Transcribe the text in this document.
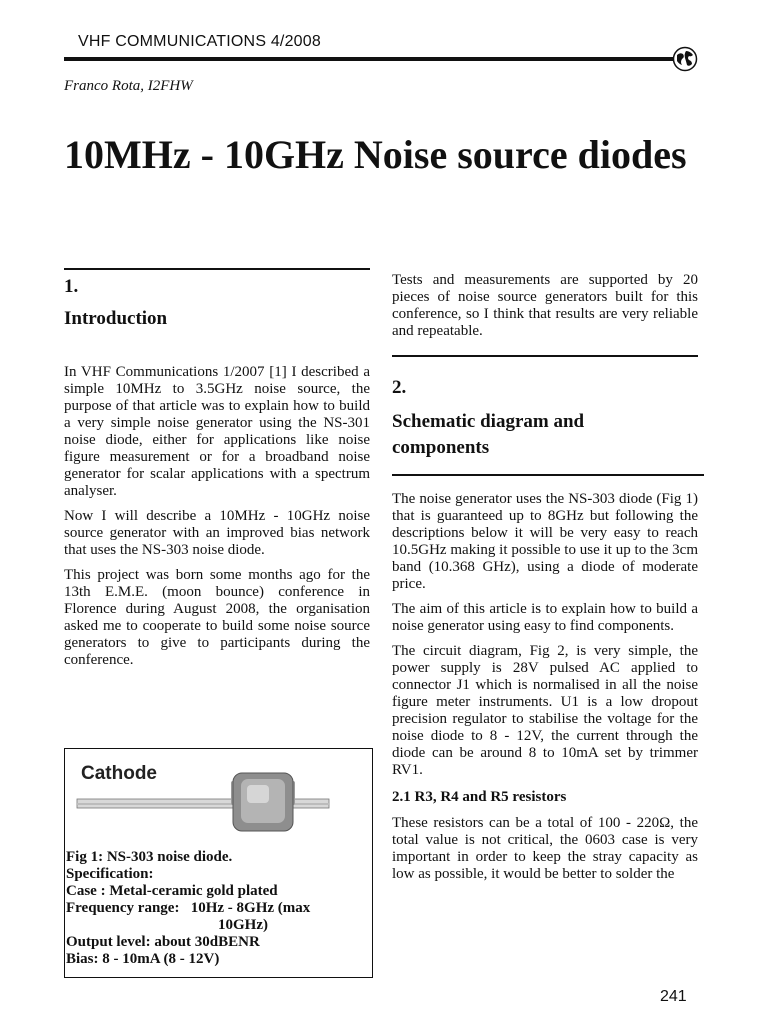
VHF COMMUNICATIONS 4/2008
Franco Rota, I2FHW
10MHz - 10GHz Noise source diodes
1.
Introduction

In VHF Communications 1/2007 [1] I described a simple 10MHz to 3.5GHz noise source, the purpose of that article was to explain how to build a very simple noise generator using the NS-301 noise diode, either for applications like noise figure measurement or for a broadband noise generator for scalar applications with a spectrum analyser.

Now I will describe a 10MHz - 10GHz noise source generator with an improved bias network that uses the NS-303 noise diode.

This project was born some months ago for the 13th E.M.E. (moon bounce) conference in Florence during August 2008, the organisation asked me to cooperate to build some noise source generators to give to participants during the conference.

Cathode
Fig 1: NS-303 noise diode.
Specification:
Case : Metal-ceramic gold plated
Frequency range:   10Hz - 8GHz (max
10GHz)
Output level: about 30dBENR
Bias: 8 - 10mA (8 - 12V)

Tests and measurements are supported by 20 pieces of noise source generators built for this conference, so I think that results are very reliable and repeatable.

2.
Schematic diagram and
components

The noise generator uses the NS-303 diode (Fig 1) that is guaranteed up to 8GHz but following the descriptions below it will be very easy to reach 10.5GHz making it possible to use it up to the 3cm band (10.368 GHz), using a diode of moderate price.

The aim of this article is to explain how to build a noise generator using easy to find components.

The circuit diagram, Fig 2, is very simple, the power supply is 28V pulsed AC applied to connector J1 which is normalised in all the noise figure meter instruments. U1 is a low dropout precision regulator to stabilise the voltage for the noise diode to 8 - 12V, the current through the diode can be around 8 to 10mA set by trimmer RV1.

2.1 R3, R4 and R5 resistors

These resistors can be a total of 100 - 220Ω, the total value is not critical, the 0603 case is very important in order to keep the stray capacity as low as possible, it would be better to solder the

241
